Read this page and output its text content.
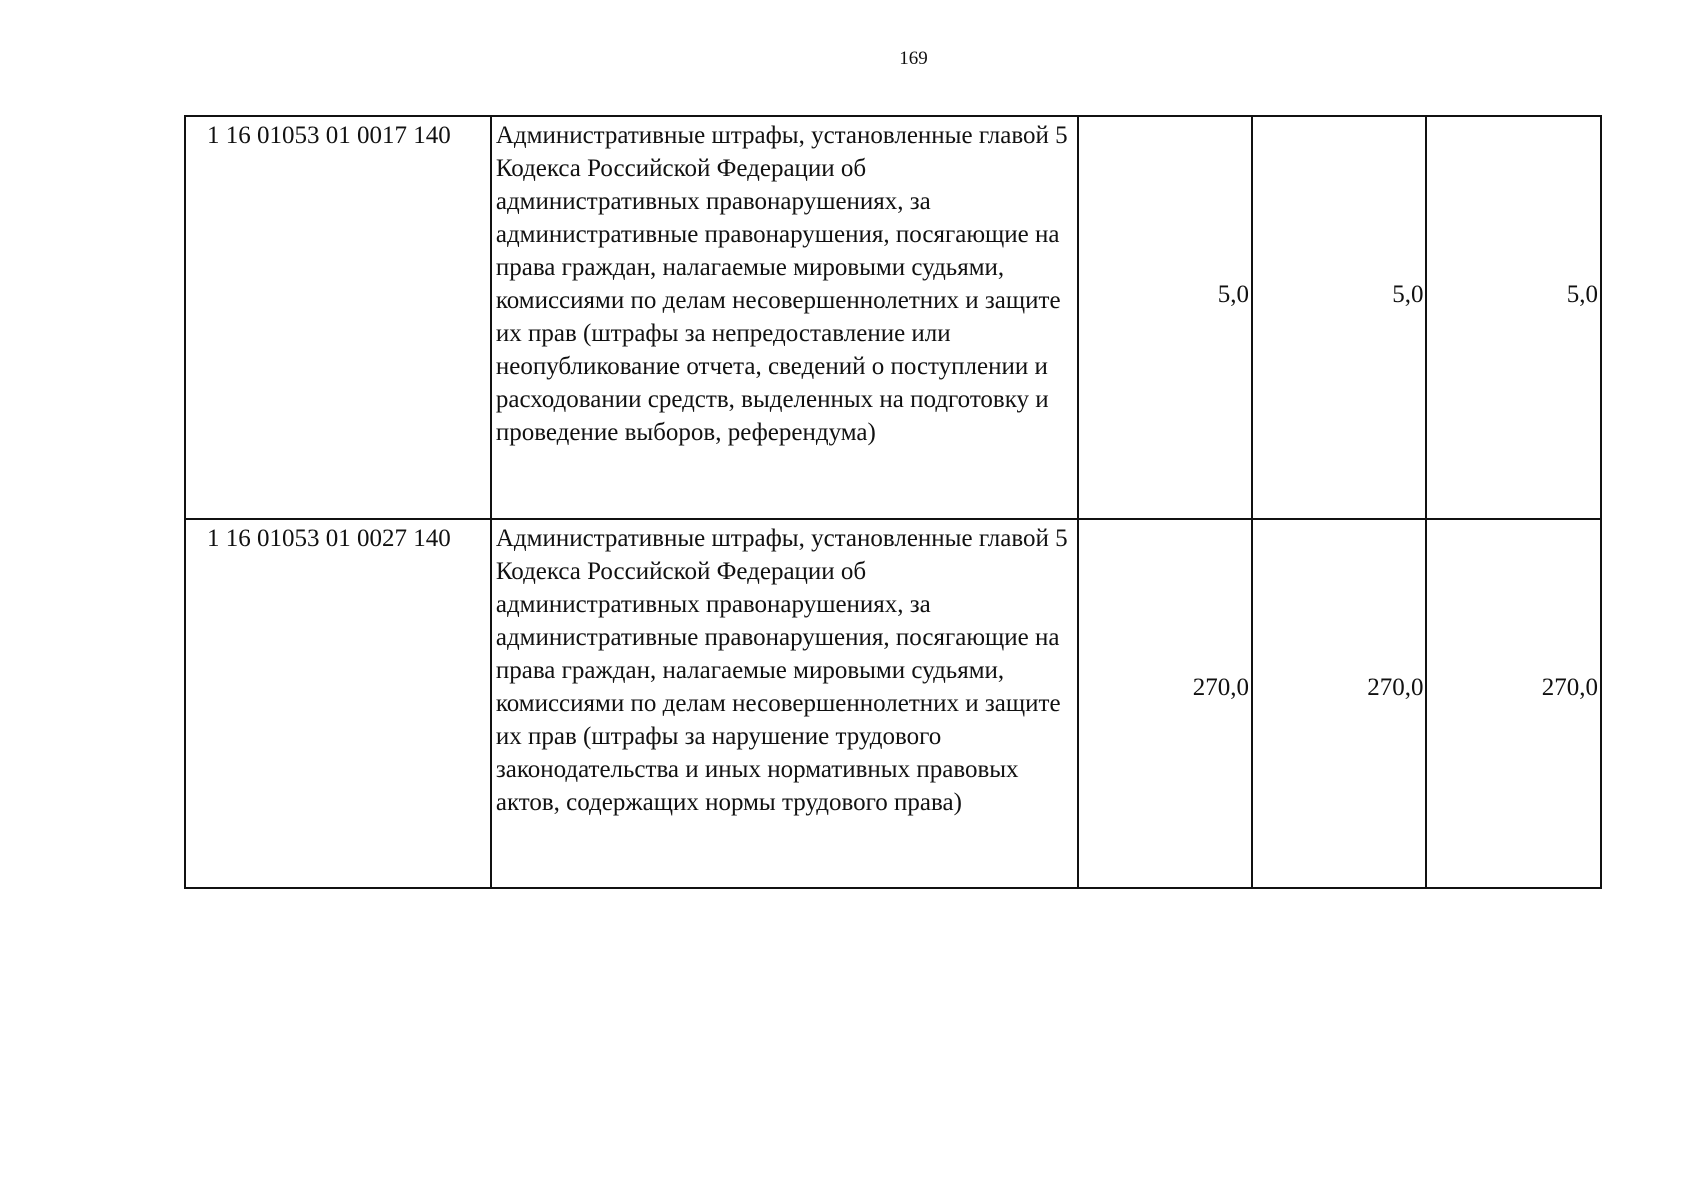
169
1 16 01053 01 0017 140	Административные штрафы, установленные главой 5 Кодекса Российской Федерации об административных правонарушениях, за административные правонарушения, посягающие на права граждан, налагаемые мировыми судьями, комиссиями по делам несовершеннолетних и защите их прав (штрафы за непредоставление или неопубликование отчета, сведений о поступлении и расходовании средств, выделенных на подготовку и проведение выборов, референдума)	5,0	5,0	5,0
1 16 01053 01 0027 140	Административные штрафы, установленные главой 5 Кодекса Российской Федерации об административных правонарушениях, за административные правонарушения, посягающие на права граждан, налагаемые мировыми судьями, комиссиями по делам несовершеннолетних и защите их прав (штрафы за нарушение трудового законодательства и иных нормативных правовых актов, содержащих нормы трудового права)	270,0	270,0	270,0
